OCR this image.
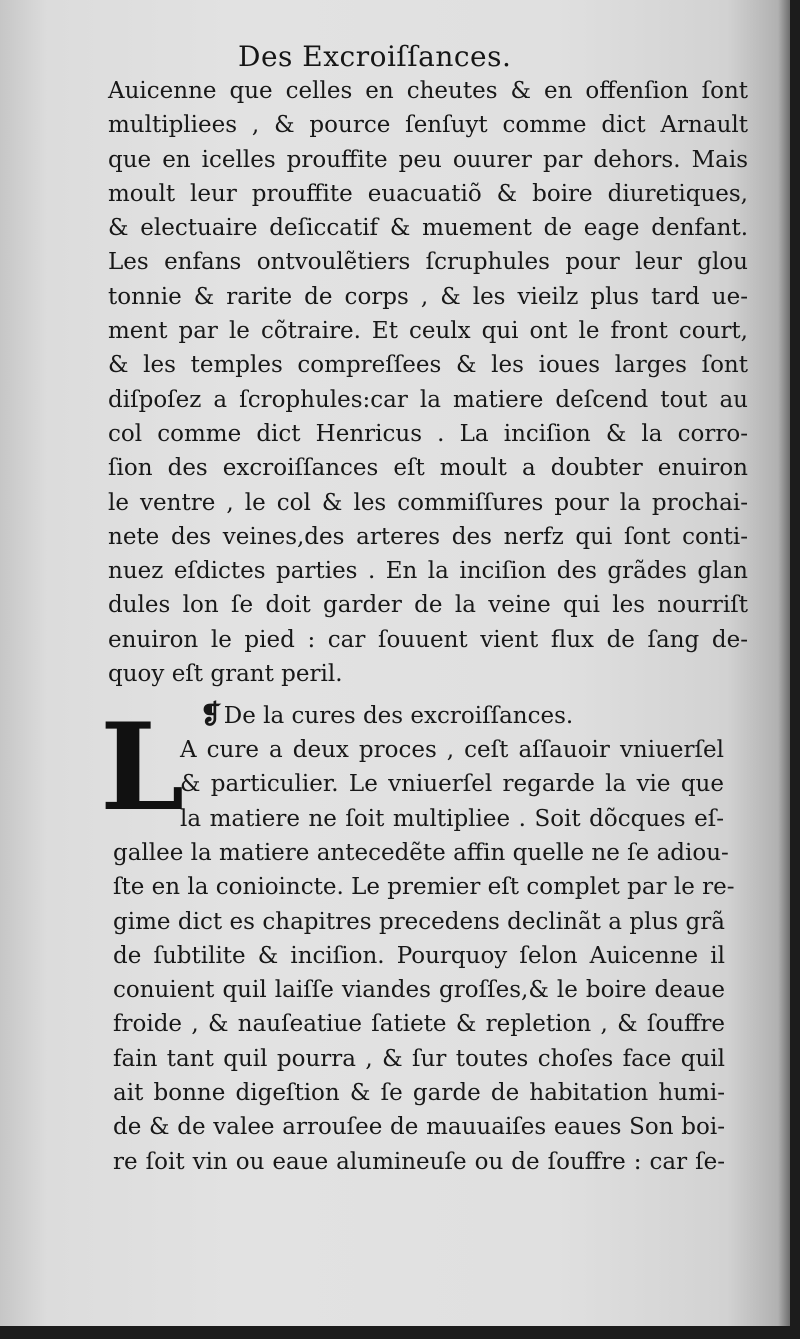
Des Excroiſſances.
Auicenne que celles en cheutes & en offenſion ſont
multipliees , & pource ſenſuyt comme dict Arnault
que en icelles prouffite peu ouurer par dehors. Mais
moult leur prouffite euacuatiõ & boire diuretiques,
& electuaire deſiccatif & muement de eage denfant.
Les enfans ontvoulẽtiers ſcruphules pour leur glou
tonnie & rarite de corps , & les vieilz plus tard ue-
ment par le cõtraire. Et ceulx qui ont le front court,
& les temples compreſſees & les ioues larges ſont
diſpoſez a ſcrophules:car la matiere deſcend tout au
col comme dict Henricus . La inciſion & la corro-
ſion des excroiſſances eſt moult a doubter enuiron
le ventre , le col & les commiſſures pour la prochai-
nete des veines,des arteres des nerfz qui ſont conti-
nuez eſdictes parties . En la inciſion des grãdes glan
dules lon ſe doit garder de la veine qui les nourriſt
enuiron le pied : car ſouuent vient flux de ſang de-
quoy eſt grant peril.
❡De la cures des excroiſſances.
L
A cure a deux proces , ceſt aſſauoir vniuerſel
& particulier. Le vniuerſel regarde la vie que
la matiere ne ſoit multipliee . Soit dõcques eſ-
gallee la matiere antecedẽte affin quelle ne ſe adiou-
ſte en la conioincte. Le premier eſt complet par le re-
gime dict es chapitres precedens declinãt a plus grã
de ſubtilite & inciſion. Pourquoy ſelon Auicenne il
conuient quil laiſſe viandes groſſes,& le boire deaue
froide , & nauſeatiue ſatiete & repletion , & ſouffre
fain tant quil pourra , & ſur toutes choſes face quil
ait bonne digeſtion & ſe garde de habitation humi-
de & de valee arrouſee de mauuaiſes eaues Son boi-
re ſoit vin ou eaue alumineuſe ou de ſouffre : car ſe-
